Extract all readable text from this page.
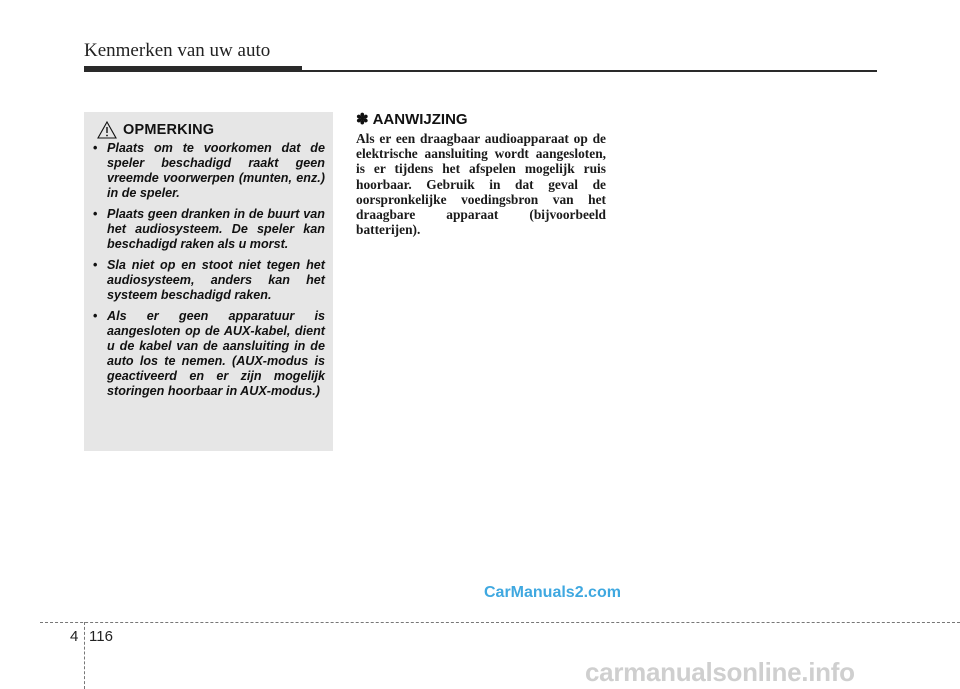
Kenmerken van uw auto
OPMERKING
• Plaats om te voorkomen dat de speler beschadigd raakt geen vreemde voorwerpen (munten, enz.) in de speler.
• Plaats geen dranken in de buurt van het audiosysteem. De speler kan beschadigd raken als u morst.
• Sla niet op en stoot niet tegen het audiosysteem, anders kan het systeem beschadigd raken.
• Als er geen apparatuur is aangesloten op de AUX-kabel, dient u de kabel van de aansluiting in de auto los te nemen. (AUX-modus is geactiveerd en er zijn mogelijk storingen hoorbaar in AUX-modus.)
✽ AANWIJZING

Als er een draagbaar audioapparaat op de elektrische aansluiting wordt aangesloten, is er tijdens het afspelen mogelijk ruis hoorbaar. Gebruik in dat geval de oorspronkelijke voedingsbron van het draagbare apparaat (bijvoorbeeld batterijen).

CarManuals2.com
4 116
carmanualsonline.info
